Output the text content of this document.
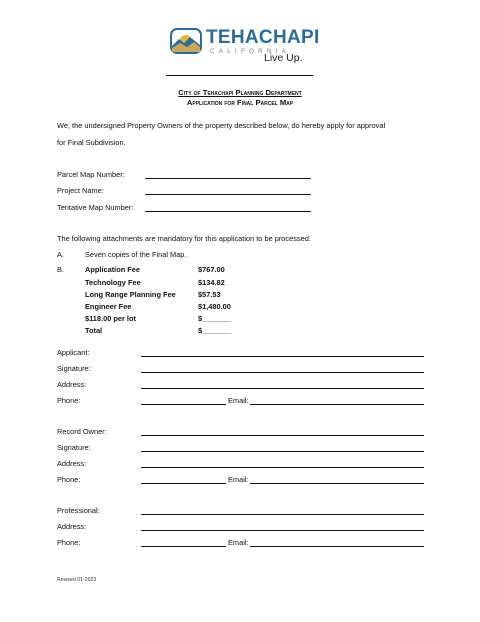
TEHACHAPI
CALIFORNIA
Live Up.
City of Tehachapi Planning Department
Application for Final Parcel Map
We, the undersigned Property Owners of the property described below, do hereby apply for approval
for Final Subdivision.
Parcel Map Number:
Project Name:
Tentative Map Number:
The following attachments are mandatory for this application to be processed.
A.	Seven copies of the Final Map.
B.	Application Fee	$767.00
Technology Fee	$134.82
Long Range Planning Fee	$57.53
Engineer Fee	$1,480.00
$118.00 per lot	$_______
Total	$_______
Applicant:
Signature:
Address:
Phone:	Email:
Record Owner:
Signature:
Address:
Phone:	Email:
Professional:
Address:
Phone:	Email:
Revised 01-2023
